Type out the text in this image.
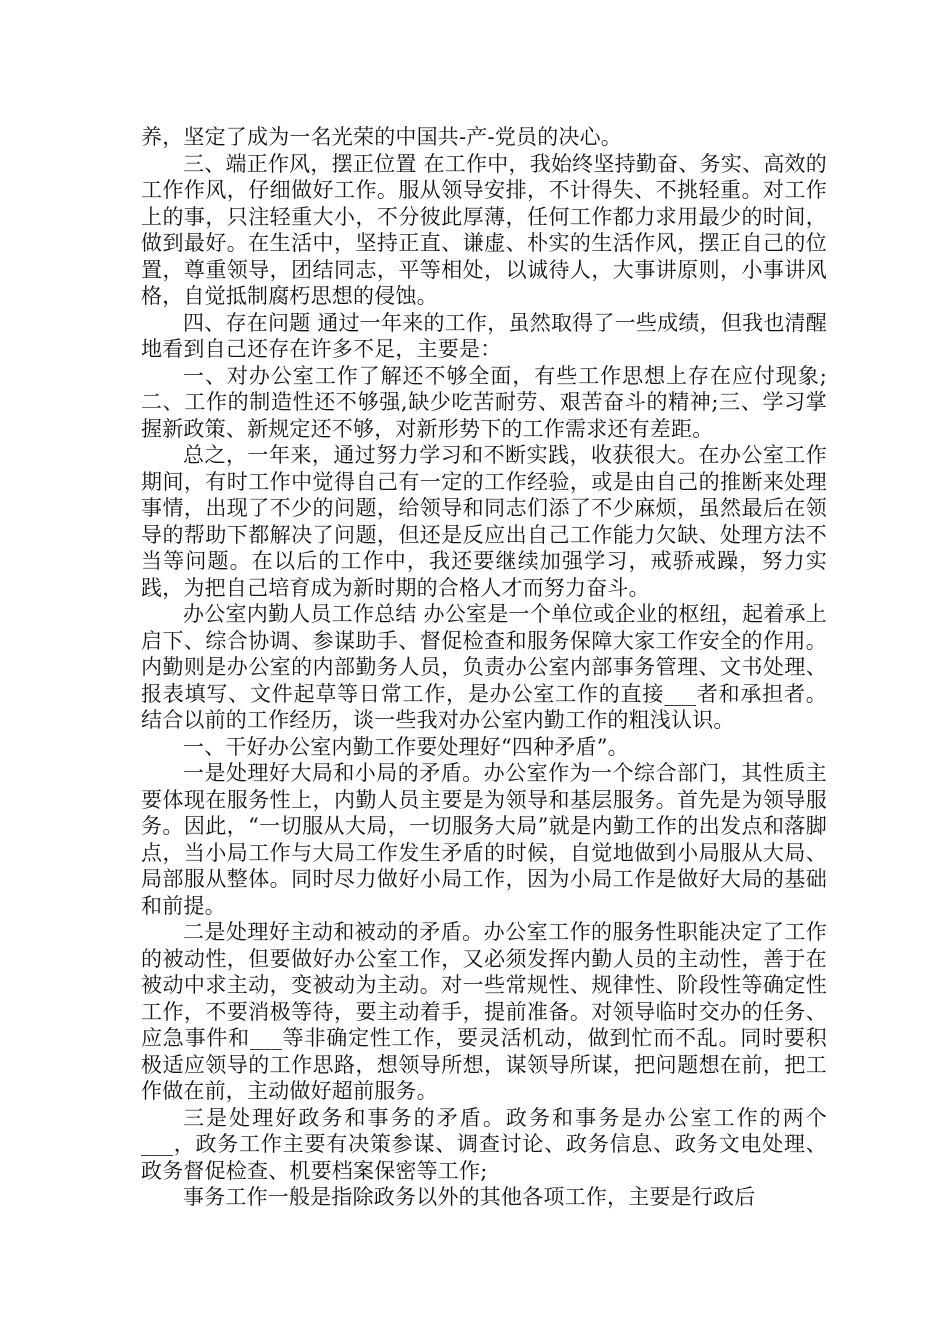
养，坚定了成为一名光荣的中国共-产-党员的决心。

三、端正作风，摆正位置 在工作中，我始终坚持勤奋、务实、高效的工作作风，仔细做好工作。服从领导安排，不计得失、不挑轻重。对工作上的事，只注轻重大小，不分彼此厚薄，任何工作都力求用最少的时间，做到最好。在生活中，坚持正直、谦虚、朴实的生活作风，摆正自己的位置，尊重领导，团结同志，平等相处，以诚待人，大事讲原则，小事讲风格，自觉抵制腐朽思想的侵蚀。

四、存在问题 通过一年来的工作，虽然取得了一些成绩，但我也清醒地看到自己还存在许多不足，主要是：

一、对办公室工作了解还不够全面，有些工作思想上存在应付现象;二、工作的制造性还不够强,缺少吃苦耐劳、艰苦奋斗的精神;三、学习掌握新政策、新规定还不够，对新形势下的工作需求还有差距。

总之，一年来，通过努力学习和不断实践，收获很大。在办公室工作期间，有时工作中觉得自己有一定的工作经验，或是由自己的推断来处理事情，出现了不少的问题，给领导和同志们添了不少麻烦，虽然最后在领导的帮助下都解决了问题，但还是反应出自己工作能力欠缺、处理方法不当等问题。在以后的工作中，我还要继续加强学习，戒骄戒躁，努力实践，为把自己培育成为新时期的合格人才而努力奋斗。

办公室内勤人员工作总结 办公室是一个单位或企业的枢纽，起着承上启下、综合协调、参谋助手、督促检查和服务保障大家工作安全的作用。内勤则是办公室的内部勤务人员，负责办公室内部事务管理、文书处理、报表填写、文件起草等日常工作，是办公室工作的直接___者和承担者。结合以前的工作经历，谈一些我对办公室内勤工作的粗浅认识。

一、干好办公室内勤工作要处理好“四种矛盾”。

一是处理好大局和小局的矛盾。办公室作为一个综合部门，其性质主要体现在服务性上，内勤人员主要是为领导和基层服务。首先是为领导服务。因此，“一切服从大局，一切服务大局”就是内勤工作的出发点和落脚点，当小局工作与大局工作发生矛盾的时候，自觉地做到小局服从大局、局部服从整体。同时尽力做好小局工作，因为小局工作是做好大局的基础和前提。

二是处理好主动和被动的矛盾。办公室工作的服务性职能决定了工作的被动性，但要做好办公室工作，又必须发挥内勤人员的主动性，善于在被动中求主动，变被动为主动。对一些常规性、规律性、阶段性等确定性工作，不要消极等待，要主动着手，提前准备。对领导临时交办的任务、应急事件和___等非确定性工作，要灵活机动，做到忙而不乱。同时要积极适应领导的工作思路，想领导所想，谋领导所谋，把问题想在前，把工作做在前，主动做好超前服务。

三是处理好政务和事务的矛盾。政务和事务是办公室工作的两个___，政务工作主要有决策参谋、调查讨论、政务信息、政务文电处理、政务督促检查、机要档案保密等工作;

事务工作一般是指除政务以外的其他各项工作，主要是行政后
